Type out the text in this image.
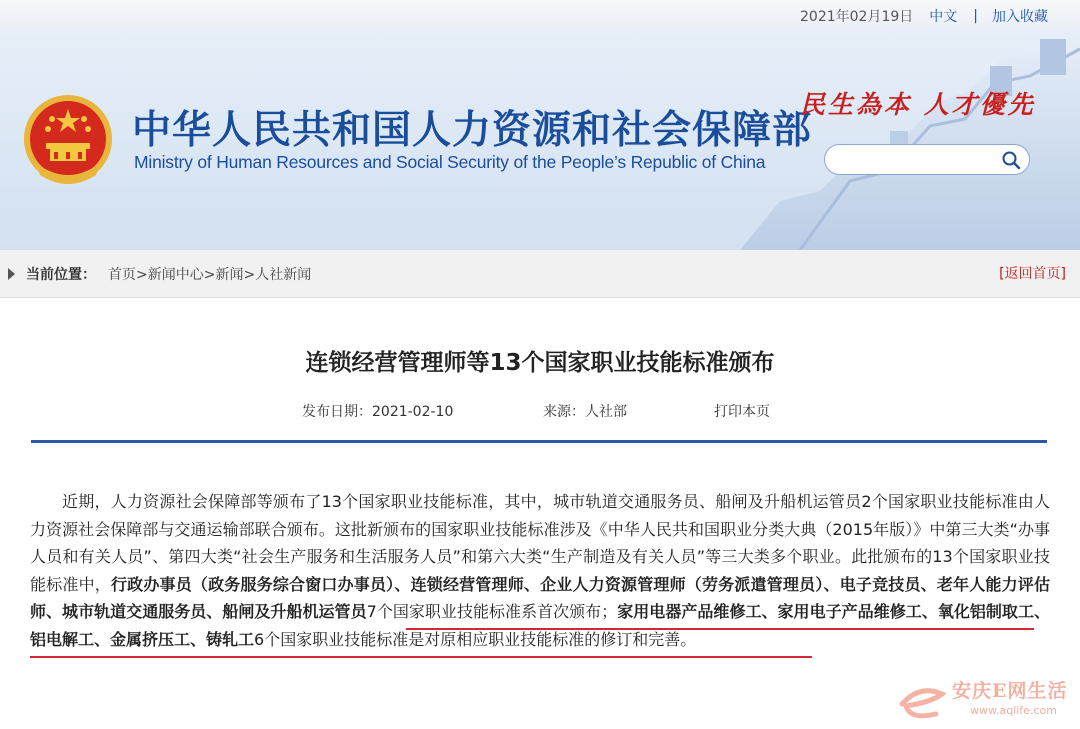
2021年02月19日 中文 | 加入收藏
中华人民共和国人力资源和社会保障部
Ministry of Human Resources and Social Security of the People’s Republic of China
民生為本 人才優先
当前位置： 首页>新闻中心>新闻>人社新闻	[返回首页]
连锁经营管理师等13个国家职业技能标准颁布
发布日期：2021-02-10	来源：人社部	打印本页

近期，人力资源社会保障部等颁布了13个国家职业技能标准，其中，城市轨道交通服务员、船闸及升船机运管员2个国家职业技能标准由人力资源社会保障部与交通运输部联合颁布。这批新颁布的国家职业技能标准涉及《中华人民共和国职业分类大典（2015年版）》中第三大类“办事人员和有关人员”、第四大类“社会生产服务和生活服务人员”和第六大类“生产制造及有关人员”等三大类多个职业。此批颁布的13个国家职业技能标准中，行政办事员（政务服务综合窗口办事员）、连锁经营管理师、企业人力资源管理师（劳务派遣管理员）、电子竞技员、老年人能力评估师、城市轨道交通服务员、船闸及升船机运管员7个国家职业技能标准系首次颁布；家用电器产品维修工、家用电子产品维修工、氧化铝制取工、铝电解工、金属挤压工、铸轧工6个国家职业技能标准是对原相应职业技能标准的修订和完善。

安庆E网生活
www.aqlife.com
